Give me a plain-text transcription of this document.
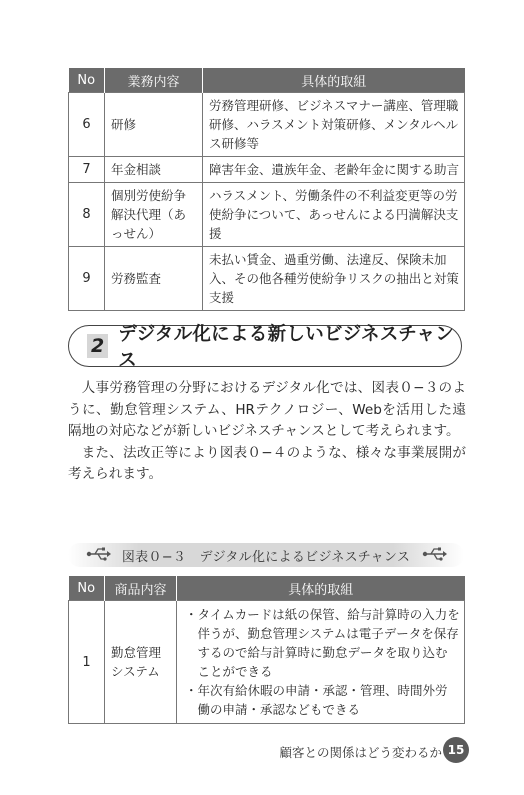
No	業務内容	具体的取組
6	研修	労務管理研修、ビジネスマナー講座、管理職研修、ハラスメント対策研修、メンタルヘルス研修等
7	年金相談	障害年金、遺族年金、老齢年金に関する助言
8	個別労使紛争解決代理（あっせん）	ハラスメント、労働条件の不利益変更等の労使紛争について、あっせんによる円満解決支援
9	労務監査	未払い賃金、過重労働、法違反、保険未加入、その他各種労使紛争リスクの抽出と対策支援
2
デジタル化による新しいビジネスチャンス

人事労務管理の分野におけるデジタル化では、図表０−３のように、勤怠管理システム、HRテクノロジー、Webを活用した遠隔地の対応などが新しいビジネスチャンスとして考えられます。

また、法改正等により図表０−４のような、様々な事業展開が考えられます。

図表０−３　デジタル化によるビジネスチャンス
No	商品内容	具体的取組
1	勤怠管理システム	・ タイムカードは紙の保管、給与計算時の入力を伴うが、勤怠管理システムは電子データを保存するので給与計算時に勤怠データを取り込むことができる
・ 年次有給休暇の申請・承認・管理、時間外労働の申請・承認などもできる
顧客との関係はどう変わるか 15
